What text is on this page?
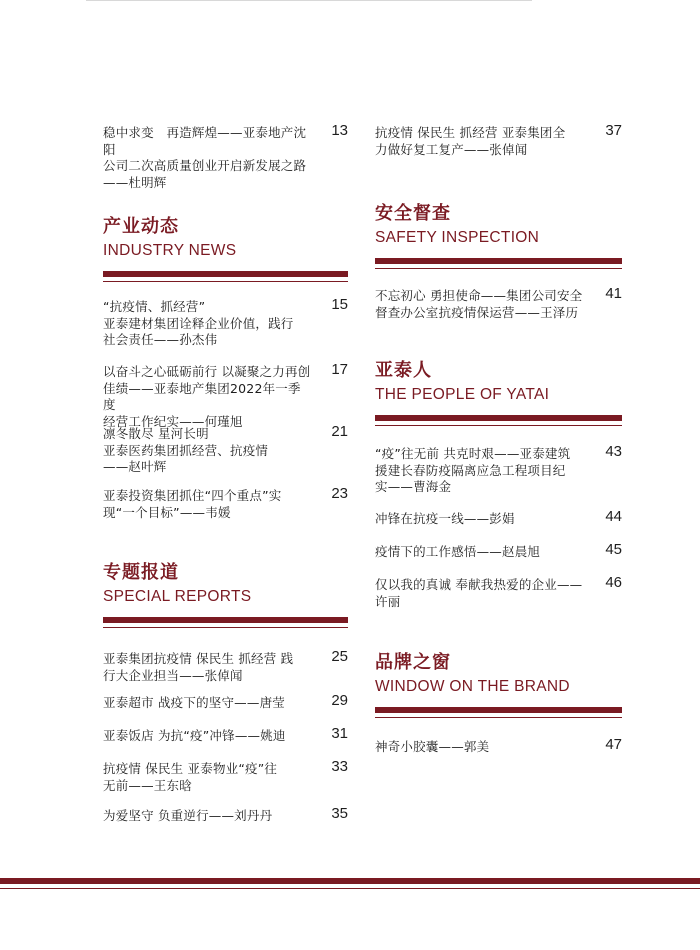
稳中求变　再造辉煌——亚泰地产沈阳
公司二次高质量创业开启新发展之路
——杜明辉
13
产业动态
INDUSTRY NEWS
“抗疫情、抓经营”
亚泰建材集团诠释企业价值，践行
社会责任——孙杰伟
15
以奋斗之心砥砺前行 以凝聚之力再创
佳绩——亚泰地产集团2022年一季度
经营工作纪实——何瑾旭
17
凛冬散尽 星河长明
亚泰医药集团抓经营、抗疫情
——赵叶辉
21
亚泰投资集团抓住“四个重点”实
现“一个目标”——韦媛
23
专题报道
SPECIAL REPORTS
亚泰集团抗疫情 保民生 抓经营 践
行大企业担当——张倬闻
25
亚泰超市 战疫下的坚守——唐莹	29
亚泰饭店 为抗“疫”冲锋——姚迪	31
抗疫情 保民生 亚泰物业“疫”往
无前——王东晗
33
为爱坚守 负重逆行——刘丹丹	35
抗疫情 保民生 抓经营 亚泰集团全
力做好复工复产——张倬闻
37
安全督查
SAFETY INSPECTION
不忘初心 勇担使命——集团公司安全
督查办公室抗疫情保运营——王泽历
41
亚泰人
THE PEOPLE OF YATAI
“疫”往无前 共克时艰——亚泰建筑
援建长春防疫隔离应急工程项目纪
实——曹海金
43
冲锋在抗疫一线——彭娟	44
疫情下的工作感悟——赵晨旭	45
仅以我的真诚 奉献我热爱的企业——
许丽
46
品牌之窗
WINDOW ON THE BRAND
神奇小胶囊——郭美	47
